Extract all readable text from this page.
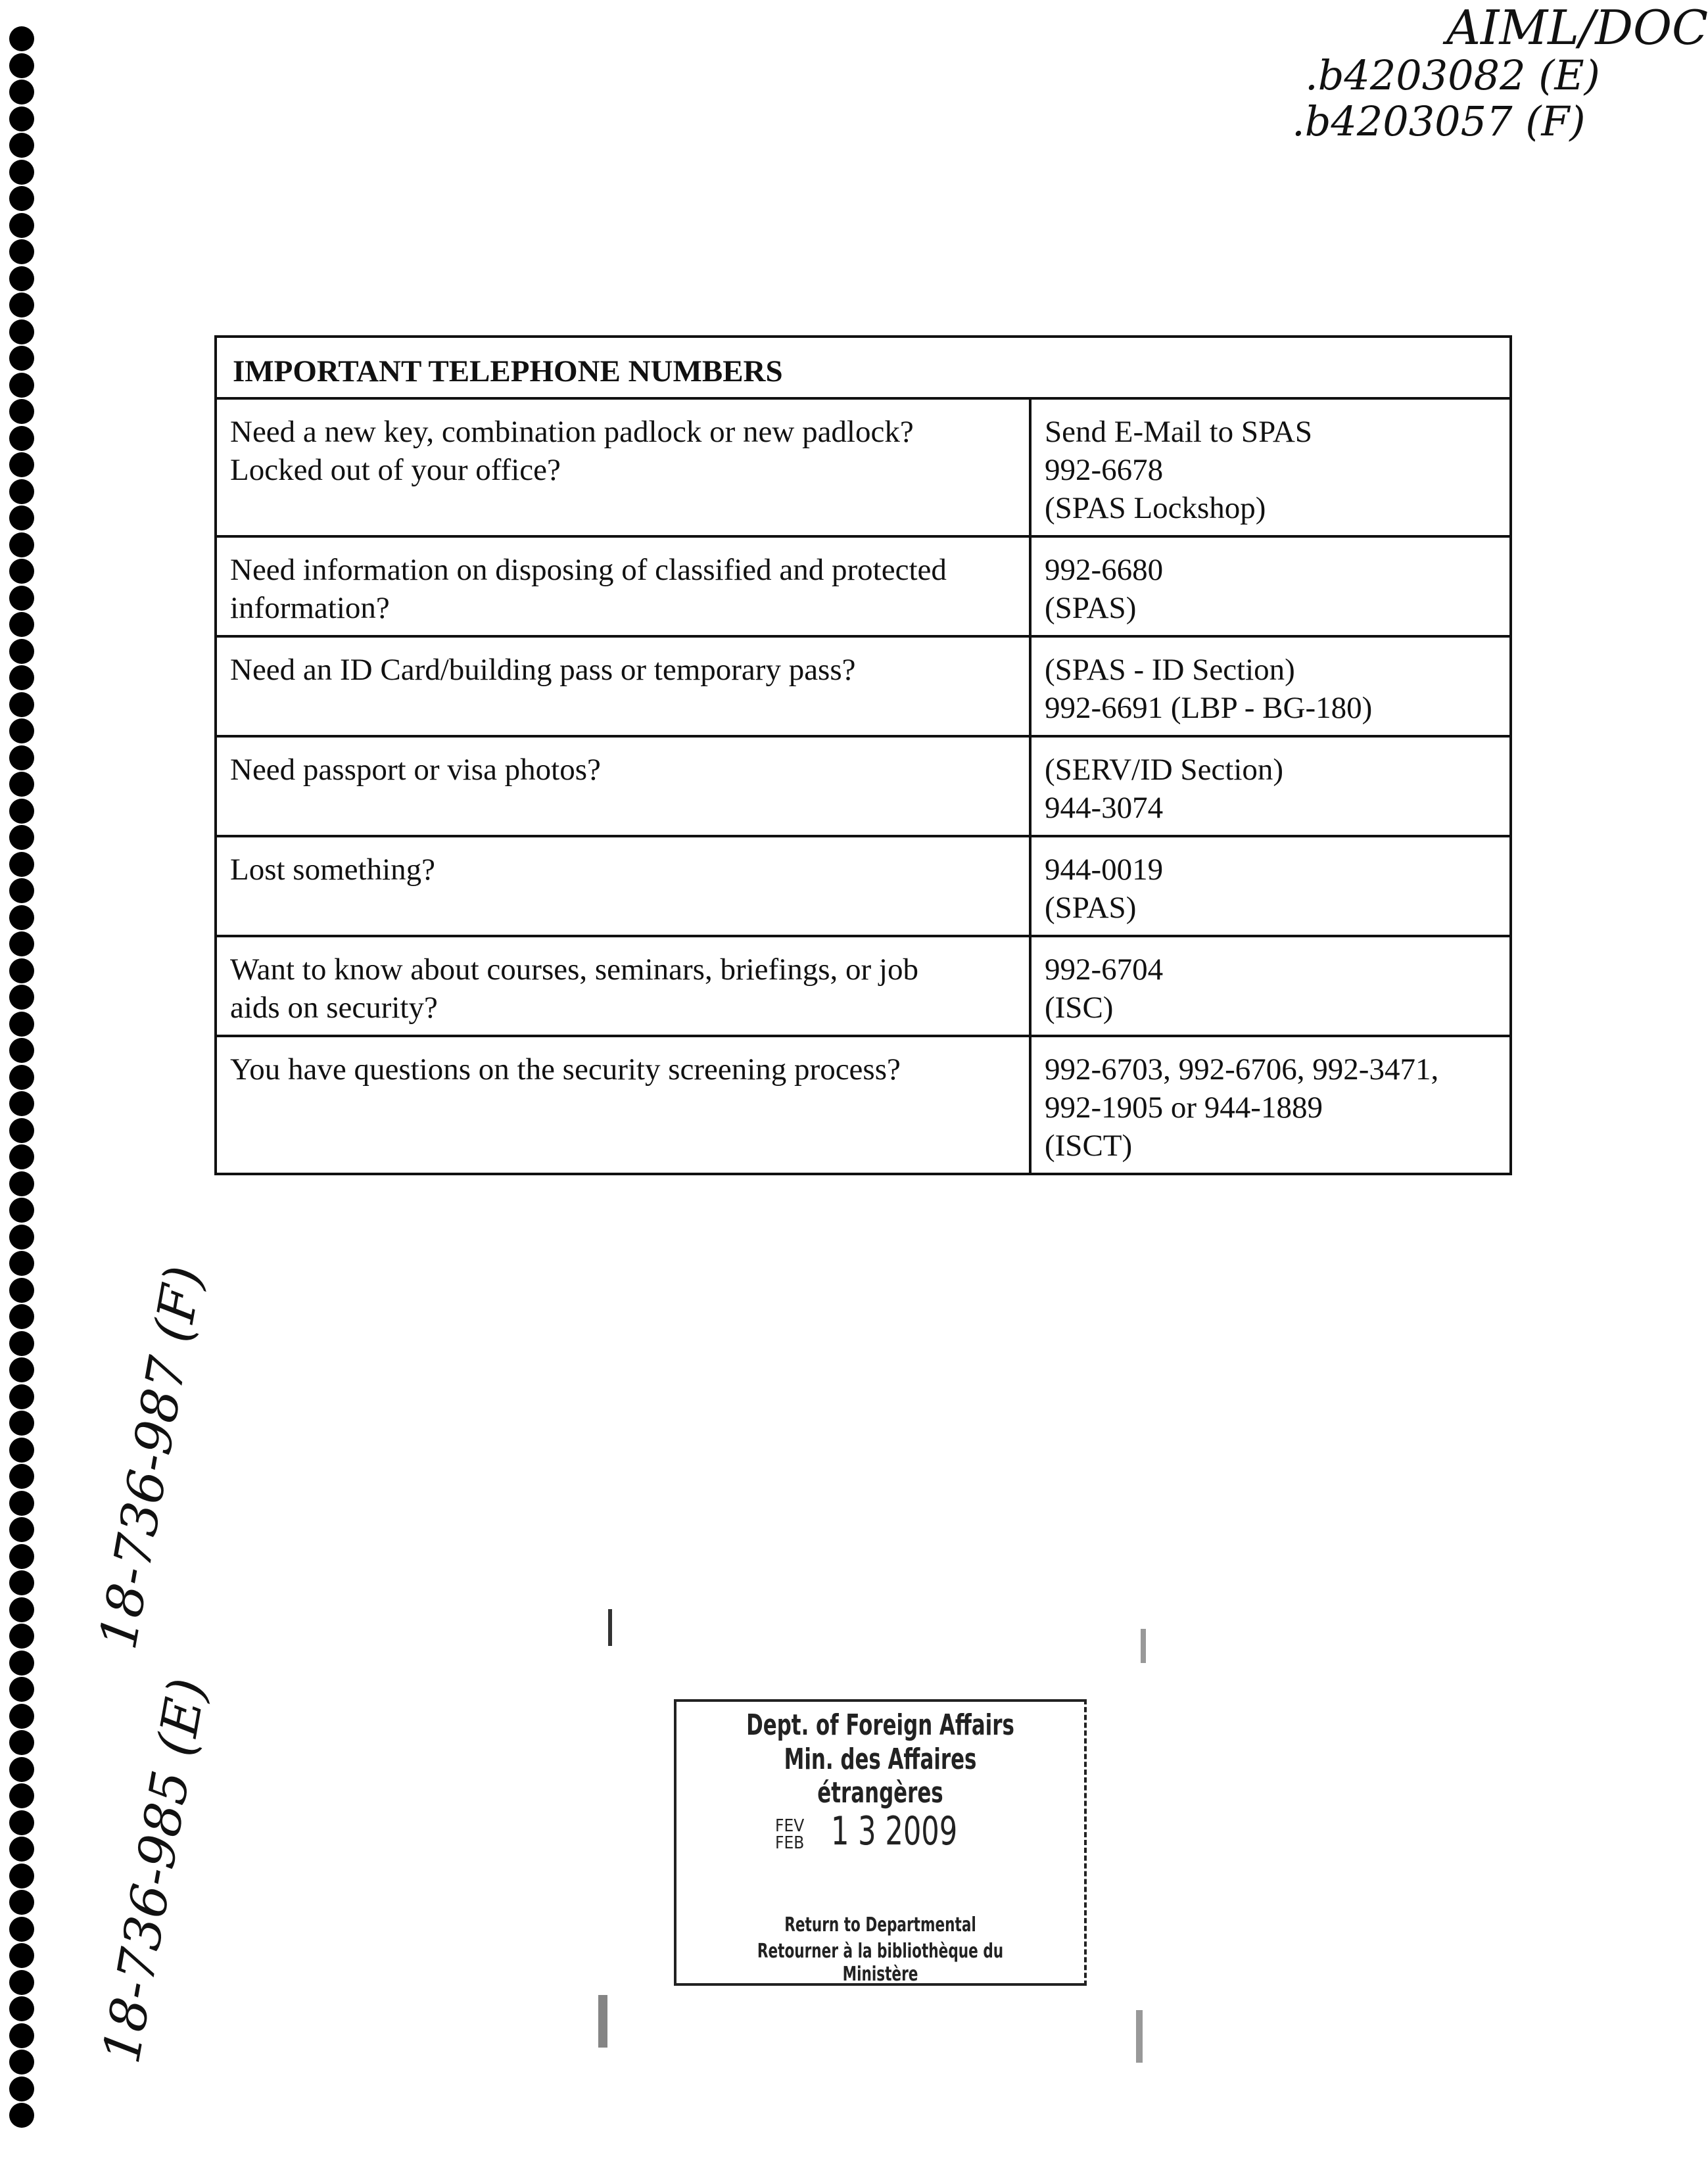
AIML/DOC
.b4203082 (E)
.b4203057 (F)
18-736-987 (F)
18-736-985 (E)
IMPORTANT TELEPHONE NUMBERS	

Need a new key, combination padlock or new padlock?
Locked out of your office?	Send E-Mail to SPAS
992-6678
(SPAS Lockshop)

Need information on disposing of classified and protected
information?	992-6680
(SPAS)

Need an ID Card/building pass or temporary pass?	(SPAS - ID Section)
992-6691 (LBP - BG-180)

Need passport or visa photos?	(SERV/ID Section)
944-3074

Lost something?	944-0019
(SPAS)

Want to know about courses, seminars, briefings, or job
aids on security?	992-6704
(ISC)

You have questions on the security screening process?	992-6703, 992-6706, 992-3471,
992-1905 or 944-1889
(ISCT)
Dept. of Foreign Affairs
Min. des Affaires étrangères
FEV
FEB 1 3 2009
Return to Departmental
Retourner à la bibliothèque du Ministère
